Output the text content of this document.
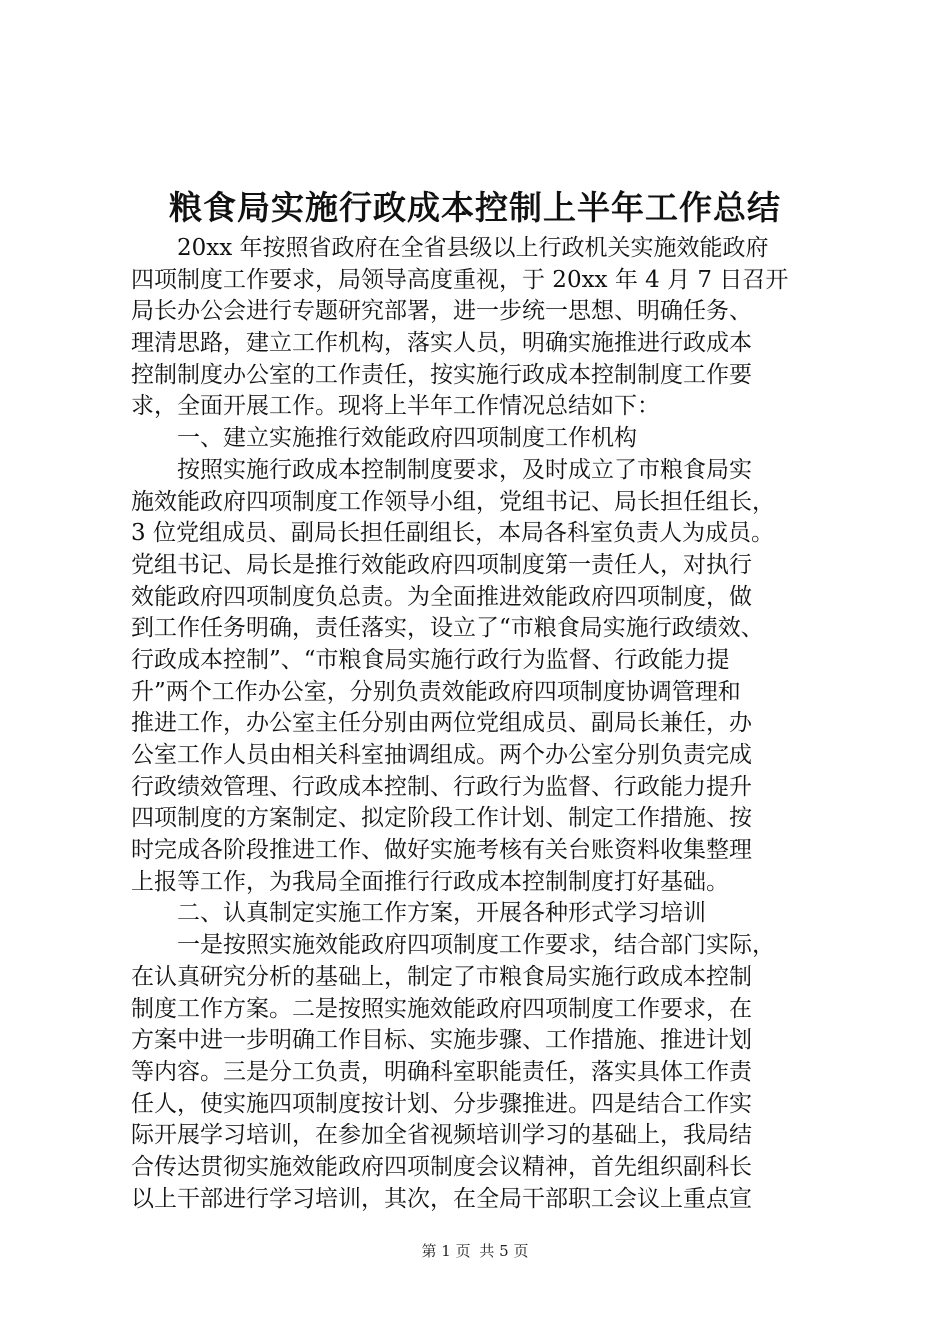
粮食局实施行政成本控制上半年工作总结
　　20xx 年按照省政府在全省县级以上行政机关实施效能政府
四项制度工作要求，局领导高度重视，于 20xx 年 4 月 7 日召开
局长办公会进行专题研究部署，进一步统一思想、明确任务、
理清思路，建立工作机构，落实人员，明确实施推进行政成本
控制制度办公室的工作责任，按实施行政成本控制制度工作要
求，全面开展工作。现将上半年工作情况总结如下：
　　一、建立实施推行效能政府四项制度工作机构
　　按照实施行政成本控制制度要求，及时成立了市粮食局实
施效能政府四项制度工作领导小组，党组书记、局长担任组长，
3 位党组成员、副局长担任副组长，本局各科室负责人为成员。
党组书记、局长是推行效能政府四项制度第一责任人，对执行
效能政府四项制度负总责。为全面推进效能政府四项制度，做
到工作任务明确，责任落实，设立了“市粮食局实施行政绩效、
行政成本控制”、“市粮食局实施行政行为监督、行政能力提
升”两个工作办公室，分别负责效能政府四项制度协调管理和
推进工作，办公室主任分别由两位党组成员、副局长兼任，办
公室工作人员由相关科室抽调组成。两个办公室分别负责完成
行政绩效管理、行政成本控制、行政行为监督、行政能力提升
四项制度的方案制定、拟定阶段工作计划、制定工作措施、按
时完成各阶段推进工作、做好实施考核有关台账资料收集整理
上报等工作，为我局全面推行行政成本控制制度打好基础。
　　二、认真制定实施工作方案，开展各种形式学习培训
　　一是按照实施效能政府四项制度工作要求，结合部门实际，
在认真研究分析的基础上，制定了市粮食局实施行政成本控制
制度工作方案。二是按照实施效能政府四项制度工作要求，在
方案中进一步明确工作目标、实施步骤、工作措施、推进计划
等内容。三是分工负责，明确科室职能责任，落实具体工作责
任人，使实施四项制度按计划、分步骤推进。四是结合工作实
际开展学习培训，在参加全省视频培训学习的基础上，我局结
合传达贯彻实施效能政府四项制度会议精神，首先组织副科长
以上干部进行学习培训，其次，在全局干部职工会议上重点宣
第 1 页 共 5 页
